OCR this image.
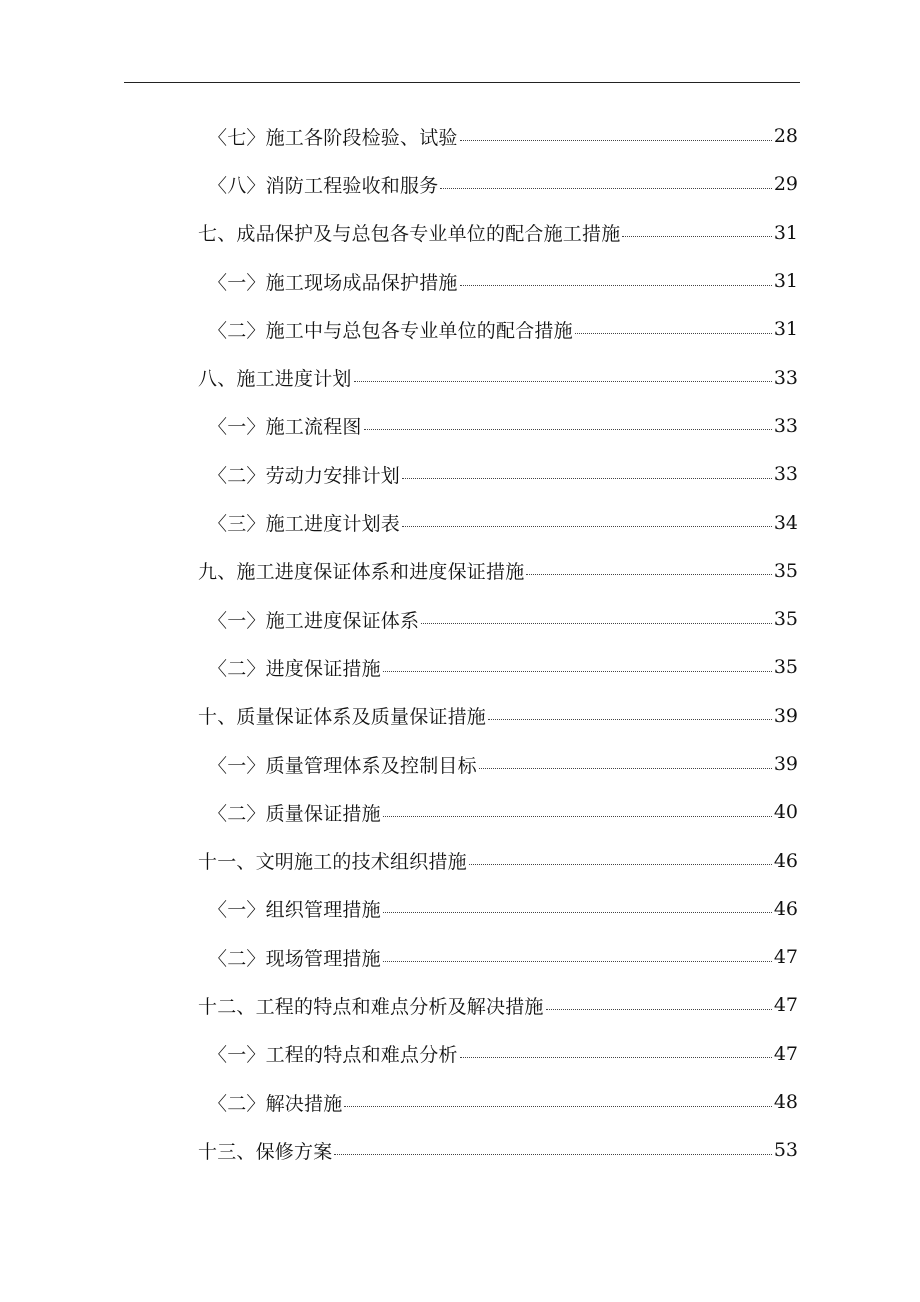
〈七〉施工各阶段检验、试验	28
〈八〉消防工程验收和服务	29
七、成品保护及与总包各专业单位的配合施工措施	31
〈一〉施工现场成品保护措施	31
〈二〉施工中与总包各专业单位的配合措施	31
八、施工进度计划	33
〈一〉施工流程图	33
〈二〉劳动力安排计划	33
〈三〉施工进度计划表	34
九、施工进度保证体系和进度保证措施	35
〈一〉施工进度保证体系	35
〈二〉进度保证措施	35
十、质量保证体系及质量保证措施	39
〈一〉质量管理体系及控制目标	39
〈二〉质量保证措施	40
十一、文明施工的技术组织措施	46
〈一〉组织管理措施	46
〈二〉现场管理措施	47
十二、工程的特点和难点分析及解决措施	47
〈一〉工程的特点和难点分析	47
〈二〉解决措施	48
十三、保修方案	53
